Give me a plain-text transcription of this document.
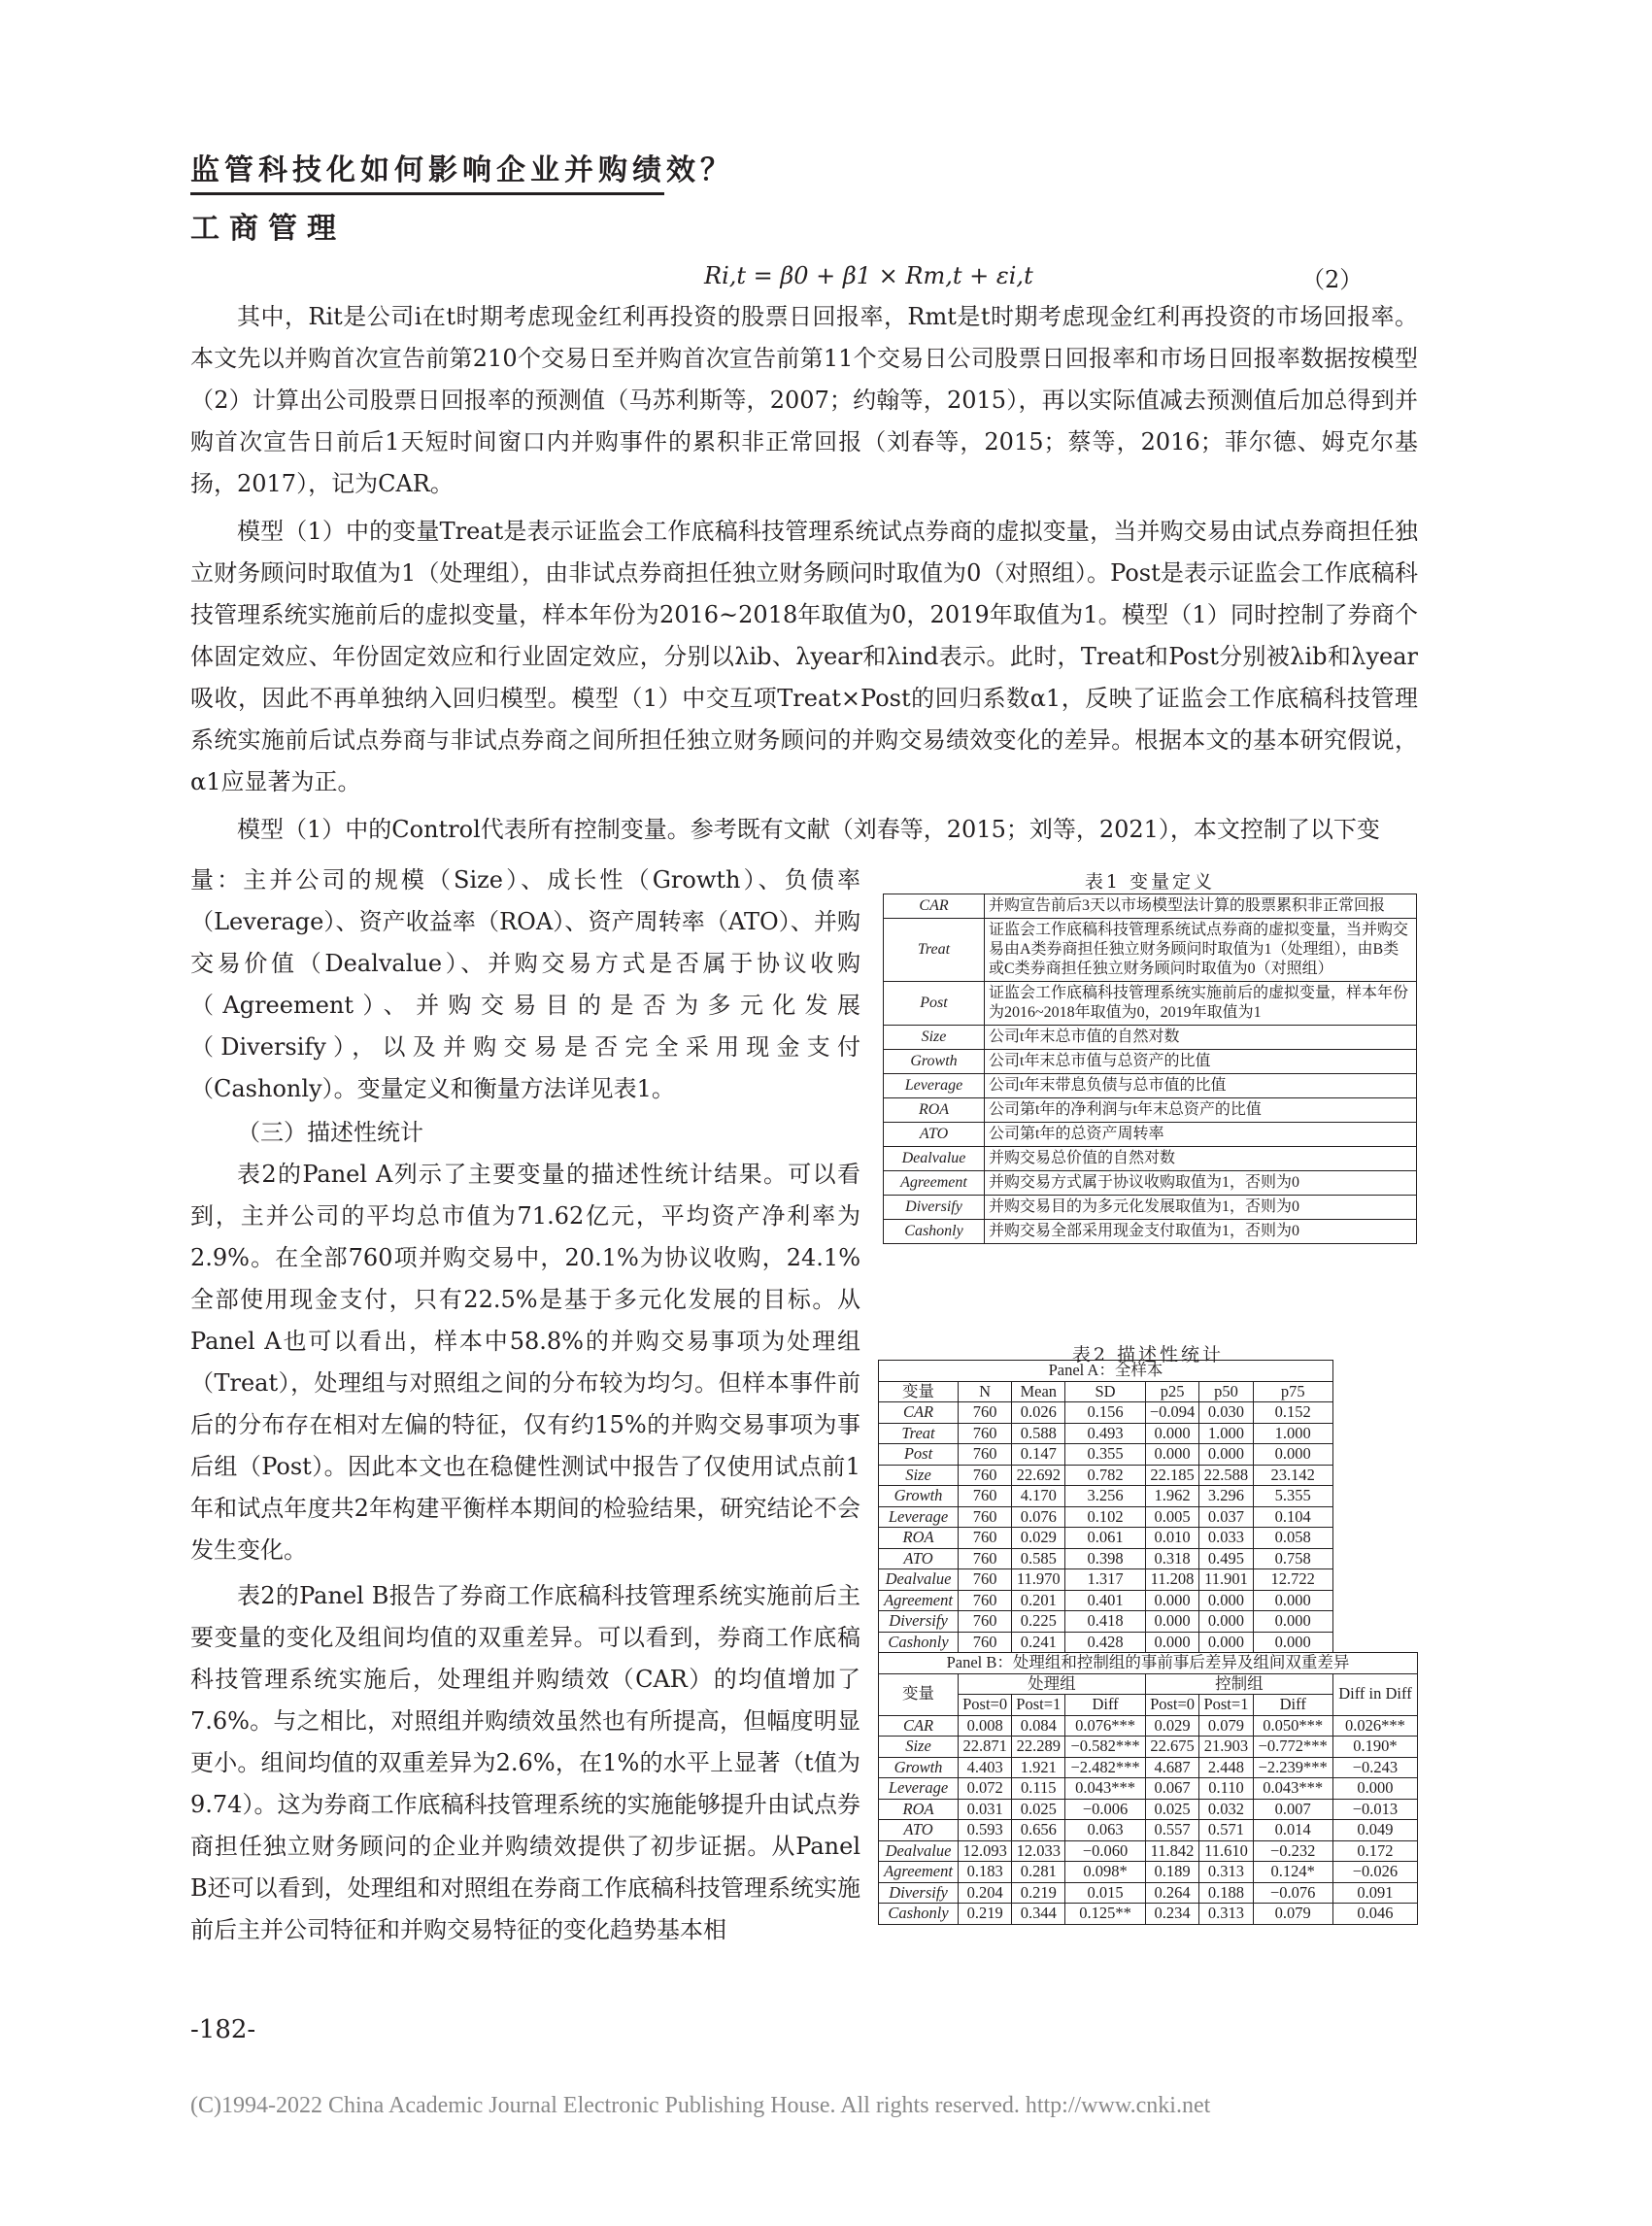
监管科技化如何影响企业并购绩效？
工商管理
Ri,t = β0 + β1 × Rm,t + εi,t	（2）

其中，Rit是公司i在t时期考虑现金红利再投资的股票日回报率，Rmt是t时期考虑现金红利再投资的市场回报率。本文先以并购首次宣告前第210个交易日至并购首次宣告前第11个交易日公司股票日回报率和市场日回报率数据按模型（2）计算出公司股票日回报率的预测值（马苏利斯等，2007；约翰等，2015），再以实际值减去预测值后加总得到并购首次宣告日前后1天短时间窗口内并购事件的累积非正常回报（刘春等，2015；蔡等，2016；菲尔德、姆克尔基扬，2017），记为CAR。

模型（1）中的变量Treat是表示证监会工作底稿科技管理系统试点券商的虚拟变量，当并购交易由试点券商担任独立财务顾问时取值为1（处理组），由非试点券商担任独立财务顾问时取值为0（对照组）。Post是表示证监会工作底稿科技管理系统实施前后的虚拟变量，样本年份为2016~2018年取值为0，2019年取值为1。模型（1）同时控制了券商个体固定效应、年份固定效应和行业固定效应，分别以λib、λyear和λind表示。此时，Treat和Post分别被λib和λyear吸收，因此不再单独纳入回归模型。模型（1）中交互项Treat×Post的回归系数α1，反映了证监会工作底稿科技管理系统实施前后试点券商与非试点券商之间所担任独立财务顾问的并购交易绩效变化的差异。根据本文的基本研究假说，α1应显著为正。

模型（1）中的Control代表所有控制变量。参考既有文献（刘春等，2015；刘等，2021），本文控制了以下变

量：主并公司的规模（Size）、成长性（Growth）、负债率（Leverage）、资产收益率（ROA）、资产周转率（ATO）、并购交易价值（Dealvalue）、并购交易方式是否属于协议收购（Agreement）、并购交易目的是否为多元化发展（Diversify），以及并购交易是否完全采用现金支付（Cashonly）。变量定义和衡量方法详见表1。

（三）描述性统计

表2的Panel A列示了主要变量的描述性统计结果。可以看到，主并公司的平均总市值为71.62亿元，平均资产净利率为2.9%。在全部760项并购交易中，20.1%为协议收购，24.1%全部使用现金支付，只有22.5%是基于多元化发展的目标。从Panel A也可以看出，样本中58.8%的并购交易事项为处理组（Treat），处理组与对照组之间的分布较为均匀。但样本事件前后的分布存在相对左偏的特征，仅有约15%的并购交易事项为事后组（Post）。因此本文也在稳健性测试中报告了仅使用试点前1年和试点年度共2年构建平衡样本期间的检验结果，研究结论不会发生变化。

表2的Panel B报告了券商工作底稿科技管理系统实施前后主要变量的变化及组间均值的双重差异。可以看到，券商工作底稿科技管理系统实施后，处理组并购绩效（CAR）的均值增加了7.6%。与之相比，对照组并购绩效虽然也有所提高，但幅度明显更小。组间均值的双重差异为2.6%，在1%的水平上显著（t值为9.74）。这为券商工作底稿科技管理系统的实施能够提升由试点券商担任独立财务顾问的企业并购绩效提供了初步证据。从Panel B还可以看到，处理组和对照组在券商工作底稿科技管理系统实施前后主并公司特征和并购交易特征的变化趋势基本相

表1 变量定义
CAR	并购宣告前后3天以市场模型法计算的股票累积非正常回报
Treat	证监会工作底稿科技管理系统试点券商的虚拟变量，当并购交易由A类券商担任独立财务顾问时取值为1（处理组），由B类或C类券商担任独立财务顾问时取值为0（对照组）
Post	证监会工作底稿科技管理系统实施前后的虚拟变量，样本年份为2016~2018年取值为0，2019年取值为1
Size	公司t年末总市值的自然对数
Growth	公司t年末总市值与总资产的比值
Leverage	公司t年末带息负债与总市值的比值
ROA	公司第t年的净利润与t年末总资产的比值
ATO	公司第t年的总资产周转率
Dealvalue	并购交易总价值的自然对数
Agreement	并购交易方式属于协议收购取值为1，否则为0
Diversify	并购交易目的为多元化发展取值为1，否则为0
Cashonly	并购交易全部采用现金支付取值为1，否则为0
表2 描述性统计
Panel A：全样本							
变量	N	Mean	SD	p25	p50	p75	
CAR	760	0.026	0.156	−0.094	0.030	0.152	
Treat	760	0.588	0.493	0.000	1.000	1.000	
Post	760	0.147	0.355	0.000	0.000	0.000	
Size	760	22.692	0.782	22.185	22.588	23.142	
Growth	760	4.170	3.256	1.962	3.296	5.355	
Leverage	760	0.076	0.102	0.005	0.037	0.104	
ROA	760	0.029	0.061	0.010	0.033	0.058	
ATO	760	0.585	0.398	0.318	0.495	0.758	
Dealvalue	760	11.970	1.317	11.208	11.901	12.722	
Agreement	760	0.201	0.401	0.000	0.000	0.000	
Diversify	760	0.225	0.418	0.000	0.000	0.000	
Cashonly	760	0.241	0.428	0.000	0.000	0.000	
Panel B：处理组和控制组的事前事后差异及组间双重差异							
变量	处理组			控制组			Diff in Diff
	Post=0	Post=1	Diff	Post=0	Post=1	Diff	
CAR	0.008	0.084	0.076***	0.029	0.079	0.050***	0.026***
Size	22.871	22.289	−0.582***	22.675	21.903	−0.772***	0.190*
Growth	4.403	1.921	−2.482***	4.687	2.448	−2.239***	−0.243
Leverage	0.072	0.115	0.043***	0.067	0.110	0.043***	0.000
ROA	0.031	0.025	−0.006	0.025	0.032	0.007	−0.013
ATO	0.593	0.656	0.063	0.557	0.571	0.014	0.049
Dealvalue	12.093	12.033	−0.060	11.842	11.610	−0.232	0.172
Agreement	0.183	0.281	0.098*	0.189	0.313	0.124*	−0.026
Diversify	0.204	0.219	0.015	0.264	0.188	−0.076	0.091
Cashonly	0.219	0.344	0.125**	0.234	0.313	0.079	0.046
-182-
(C)1994-2022 China Academic Journal Electronic Publishing House. All rights reserved. http://www.cnki.net
